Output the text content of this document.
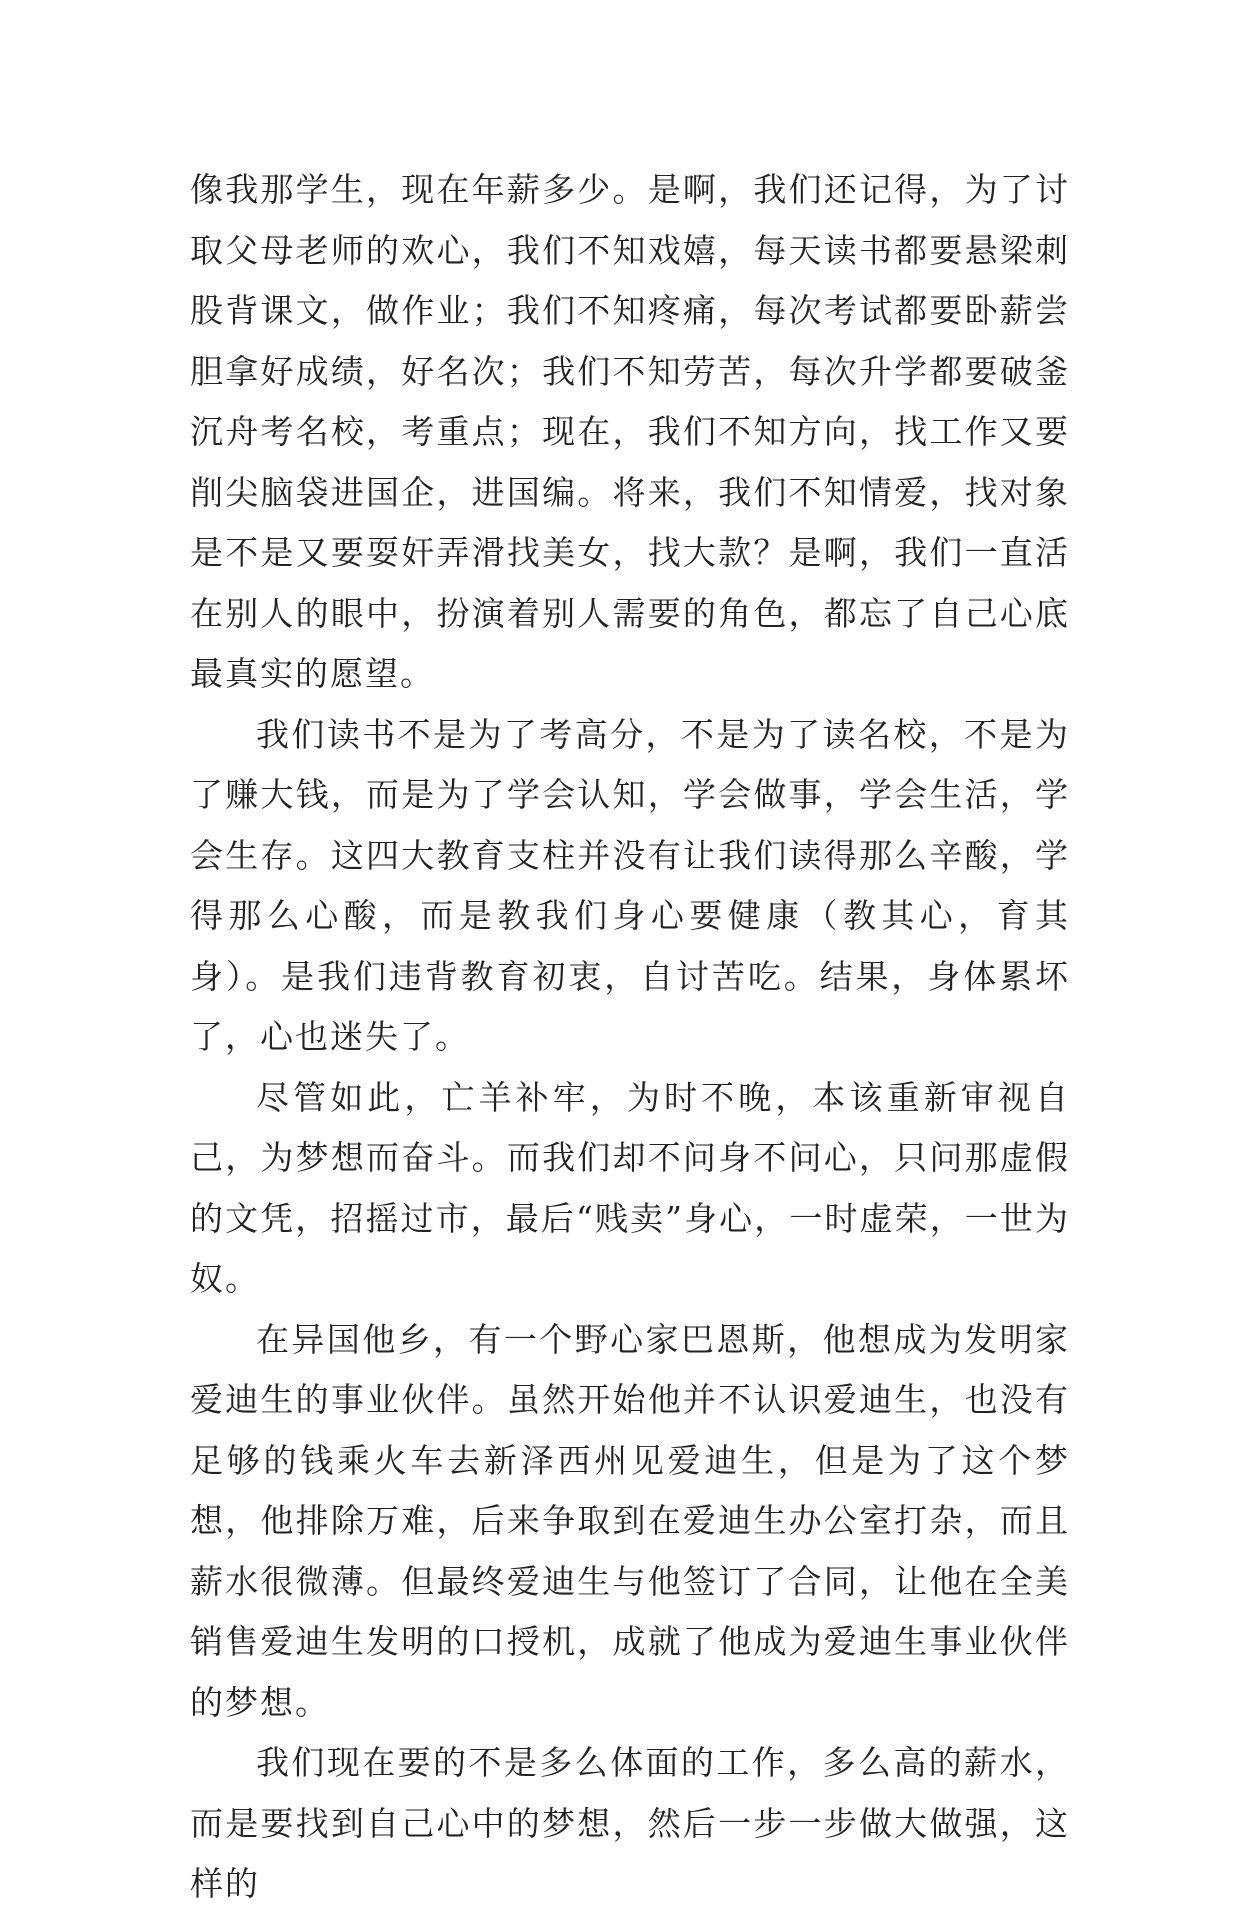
像我那学生，现在年薪多少。是啊，我们还记得，为了讨取父母老师的欢心，我们不知戏嬉，每天读书都要悬梁刺股背课文，做作业；我们不知疼痛，每次考试都要卧薪尝胆拿好成绩，好名次；我们不知劳苦，每次升学都要破釜沉舟考名校，考重点；现在，我们不知方向，找工作又要削尖脑袋进国企，进国编。将来，我们不知情爱，找对象是不是又要耍奸弄滑找美女，找大款？是啊，我们一直活在别人的眼中，扮演着别人需要的角色，都忘了自己心底最真实的愿望。

我们读书不是为了考高分，不是为了读名校，不是为了赚大钱，而是为了学会认知，学会做事，学会生活，学会生存。这四大教育支柱并没有让我们读得那么辛酸，学得那么心酸，而是教我们身心要健康（教其心，育其身）。是我们违背教育初衷，自讨苦吃。结果，身体累坏了，心也迷失了。

尽管如此，亡羊补牢，为时不晚，本该重新审视自己，为梦想而奋斗。而我们却不问身不问心，只问那虚假的文凭，招摇过市，最后“贱卖”身心，一时虚荣，一世为奴。

在异国他乡，有一个野心家巴恩斯，他想成为发明家爱迪生的事业伙伴。虽然开始他并不认识爱迪生，也没有足够的钱乘火车去新泽西州见爱迪生，但是为了这个梦想，他排除万难，后来争取到在爱迪生办公室打杂，而且薪水很微薄。但最终爱迪生与他签订了合同，让他在全美销售爱迪生发明的口授机，成就了他成为爱迪生事业伙伴的梦想。

我们现在要的不是多么体面的工作，多么高的薪水，而是要找到自己心中的梦想，然后一步一步做大做强，这样的
